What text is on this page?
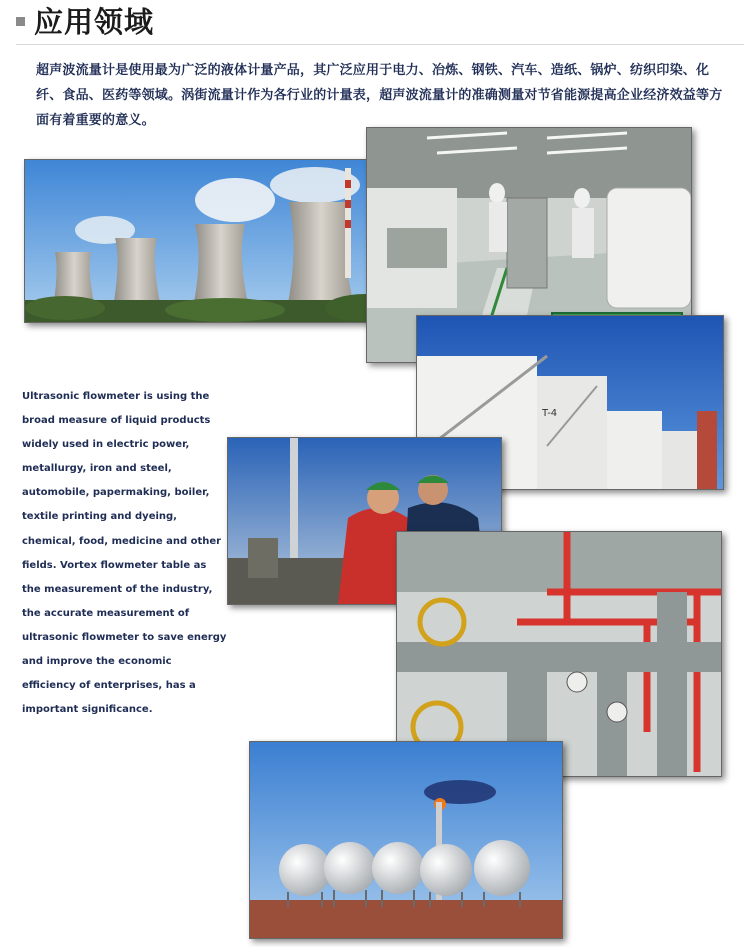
应用领域
超声波流量计是使用最为广泛的液体计量产品，其广泛应用于电力、冶炼、钢铁、汽车、造纸、锅炉、纺织印染、化纤、食品、医药等领域。涡街流量计作为各行业的计量表，超声波流量计的准确测量对节省能源提高企业经济效益等方面有着重要的意义。
T-4
Ultrasonic flowmeter is using the broad measure of liquid products widely used in electric power, metallurgy, iron and steel, automobile, papermaking, boiler, textile printing and dyeing, chemical, food, medicine and other fields. Vortex flowmeter table as the measurement of the industry, the accurate measurement of ultrasonic flowmeter to save energy and improve the economic efficiency of enterprises, has a important significance.
